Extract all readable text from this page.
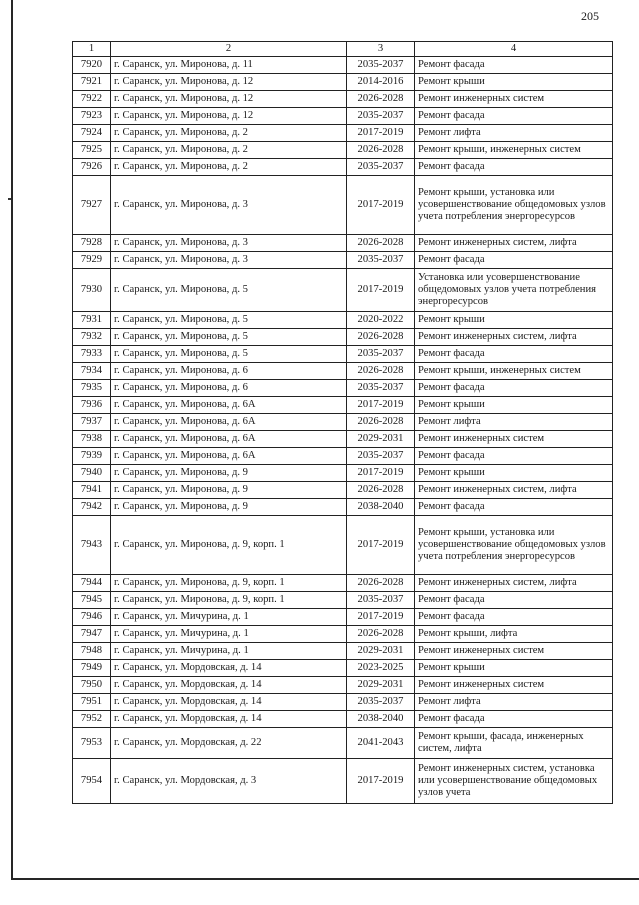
205
1	2	3	4
7920	г. Саранск, ул. Миронова, д. 11	2035-2037	Ремонт фасада
7921	г. Саранск, ул. Миронова, д. 12	2014-2016	Ремонт крыши
7922	г. Саранск, ул. Миронова, д. 12	2026-2028	Ремонт инженерных систем
7923	г. Саранск, ул. Миронова, д. 12	2035-2037	Ремонт фасада
7924	г. Саранск, ул. Миронова, д. 2	2017-2019	Ремонт лифта
7925	г. Саранск, ул. Миронова, д. 2	2026-2028	Ремонт крыши, инженерных систем
7926	г. Саранск, ул. Миронова, д. 2	2035-2037	Ремонт фасада
7927	г. Саранск, ул. Миронова, д. 3	2017-2019	Ремонт крыши, установка или усовершенствование общедомовых узлов учета потребления энергоресурсов
7928	г. Саранск, ул. Миронова, д. 3	2026-2028	Ремонт инженерных систем, лифта
7929	г. Саранск, ул. Миронова, д. 3	2035-2037	Ремонт фасада
7930	г. Саранск, ул. Миронова, д. 5	2017-2019	Установка или усовершенствование общедомовых узлов учета потребления энергоресурсов
7931	г. Саранск, ул. Миронова, д. 5	2020-2022	Ремонт крыши
7932	г. Саранск, ул. Миронова, д. 5	2026-2028	Ремонт инженерных систем, лифта
7933	г. Саранск, ул. Миронова, д. 5	2035-2037	Ремонт фасада
7934	г. Саранск, ул. Миронова, д. 6	2026-2028	Ремонт крыши, инженерных систем
7935	г. Саранск, ул. Миронова, д. 6	2035-2037	Ремонт фасада
7936	г. Саранск, ул. Миронова, д. 6А	2017-2019	Ремонт крыши
7937	г. Саранск, ул. Миронова, д. 6А	2026-2028	Ремонт лифта
7938	г. Саранск, ул. Миронова, д. 6А	2029-2031	Ремонт инженерных систем
7939	г. Саранск, ул. Миронова, д. 6А	2035-2037	Ремонт фасада
7940	г. Саранск, ул. Миронова, д. 9	2017-2019	Ремонт крыши
7941	г. Саранск, ул. Миронова, д. 9	2026-2028	Ремонт инженерных систем, лифта
7942	г. Саранск, ул. Миронова, д. 9	2038-2040	Ремонт фасада
7943	г. Саранск, ул. Миронова, д. 9, корп. 1	2017-2019	Ремонт крыши, установка или усовершенствование общедомовых узлов учета потребления энергоресурсов
7944	г. Саранск, ул. Миронова, д. 9, корп. 1	2026-2028	Ремонт инженерных систем, лифта
7945	г. Саранск, ул. Миронова, д. 9, корп. 1	2035-2037	Ремонт фасада
7946	г. Саранск, ул. Мичурина, д. 1	2017-2019	Ремонт фасада
7947	г. Саранск, ул. Мичурина, д. 1	2026-2028	Ремонт крыши, лифта
7948	г. Саранск, ул. Мичурина, д. 1	2029-2031	Ремонт инженерных систем
7949	г. Саранск, ул. Мордовская, д. 14	2023-2025	Ремонт крыши
7950	г. Саранск, ул. Мордовская, д. 14	2029-2031	Ремонт инженерных систем
7951	г. Саранск, ул. Мордовская, д. 14	2035-2037	Ремонт лифта
7952	г. Саранск, ул. Мордовская, д. 14	2038-2040	Ремонт фасада
7953	г. Саранск, ул. Мордовская, д. 22	2041-2043	Ремонт крыши, фасада, инженерных систем, лифта
7954	г. Саранск, ул. Мордовская, д. 3	2017-2019	Ремонт инженерных систем, установка или усовершенствование общедомовых узлов учета
